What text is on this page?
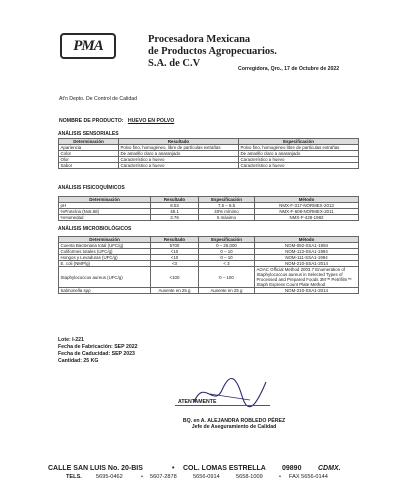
PMA	Procesadora Mexicana
de Productos Agropecuarios.
S.A. de C.V	Corregidora, Qro., 17 de Octubre de 2022
At'n Depto. De Control de Calidad
NOMBRE DE PRODUCTO: HUEVO EN POLVO
ANÁLISIS SENSORIALES
Determinación	Resultado	Especificación
Apariencia	Polvo fino, homogéneo, libre de partículas extrañas	Polvo fino, homogéneo libre de partículas extrañas
Color	De amarillo claro a anaranjado	De amarillo claro a anaranjado
Olor	Característico a huevo	Característico a huevo
Sabor	Característico a huevo	Característico a huevo
ANÁLISIS FISICOQUÍMICOS
Determinación	Resultado	Especificación	Método
pH	8.03	7.5 – 8.5	NMX-F-317-NORMEX-2013
%Proteína (Nx6.68)	48.1	40% mínimo	NMX-F-608-NORMEX-2011
%Humedad	3.76	5 máximo	NMX-F-428-1982
ANÁLISIS MICROBIOLÓGICOS
Determinación	Resultado	Especificación	Método
Cuenta Bacteriana total (UFC/g)	5700	0 – 25,000	NOM-092-SSA1-1994
Coliformes totales (UFC/g)	<10	0 – 10	NOM-113-SSA1-1994
Hongos y Levaduras (UFC/g)	<10	0 – 10	NOM-111-SSA1-1994
E. coli (NMP/g)	<3	< 3	NOM-210-SSA1-2014
Staphylococcus aureus (UFC/g)	<100	0 – 100	AOAC Official Method 2003.7 Enumeration of Staphylococcus aureus in Selected Types of Processed and Prepared Foods 3M™ Petrifilm™ Staph Express Count Plate Method
Salmonella spp	Ausente en 25 g	Ausente en 25 g	NOM-210-SSA1-2014
Lote: I-221
Fecha de Fabricación: SEP 2022
Fecha de Caducidad: SEP 2023
Cantidad: 25 KG
ATENTAMENTE
BQ. en A. ALEJANDRA ROBLEDO PÉREZ
Jefe de Aseguramiento de Calidad
CALLE SAN LUIS No. 20-BIS	• COL. LOMAS ESTRELLA 09890 CDMX.
TELS.	5695-0462	• 5607-2878	5656-0914	5658-1009	• FAX 5656-0144
